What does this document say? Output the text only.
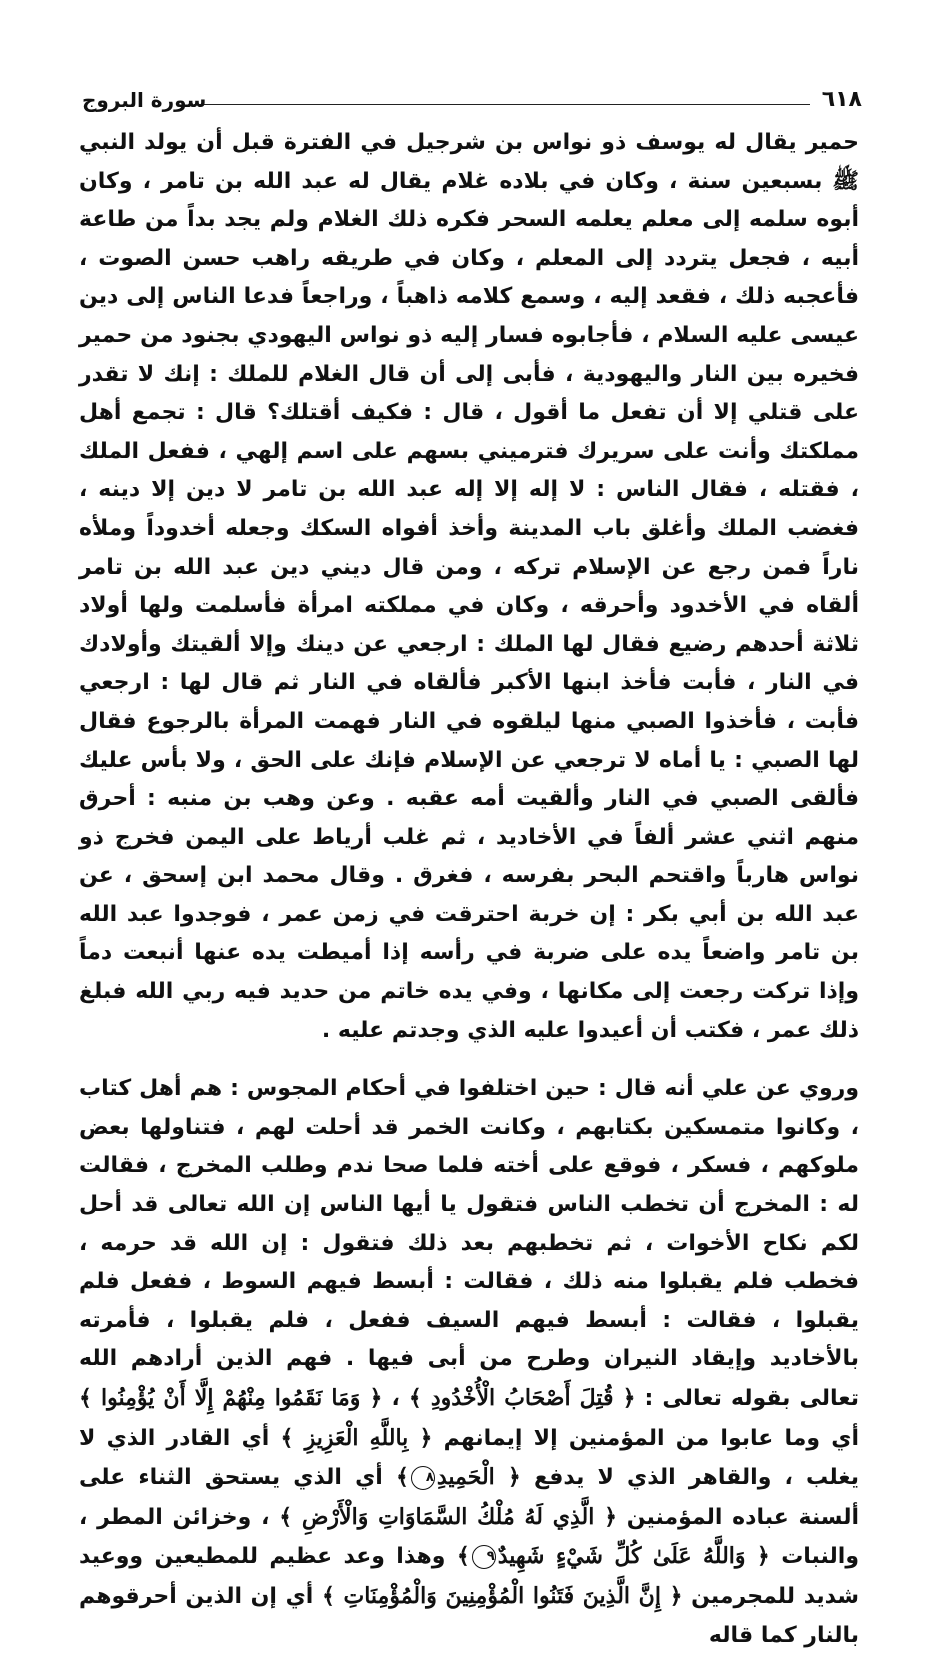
٦١٨
سورة البروج

حمير يقال له يوسف ذو نواس بن شرجيل في الفترة قبل أن يولد النبي ﷺ بسبعين سنة ، وكان في بلاده غلام يقال له عبد الله بن تامر ، وكان أبوه سلمه إلى معلم يعلمه السحر فكره ذلك الغلام ولم يجد بداً من طاعة أبيه ، فجعل يتردد إلى المعلم ، وكان في طريقه راهب حسن الصوت ، فأعجبه ذلك ، فقعد إليه ، وسمع كلامه ذاهباً ، وراجعاً فدعا الناس إلى دين عيسى عليه السلام ، فأجابوه فسار إليه ذو نواس اليهودي بجنود من حمير فخيره بين النار واليهودية ، فأبى إلى أن قال الغلام للملك : إنك لا تقدر على قتلي إلا أن تفعل ما أقول ، قال : فكيف أقتلك؟ قال : تجمع أهل مملكتك وأنت على سريرك فترميني بسهم على اسم إلهي ، ففعل الملك ، فقتله ، فقال الناس : لا إله إلا إله عبد الله بن تامر لا دين إلا دينه ، فغضب الملك وأغلق باب المدينة وأخذ أفواه السكك وجعله أخدوداً وملأه ناراً فمن رجع عن الإسلام تركه ، ومن قال ديني دين عبد الله بن تامر ألقاه في الأخدود وأحرقه ، وكان في مملكته امرأة فأسلمت ولها أولاد ثلاثة أحدهم رضيع فقال لها الملك : ارجعي عن دينك وإلا ألقيتك وأولادك في النار ، فأبت فأخذ ابنها الأكبر فألقاه في النار ثم قال لها : ارجعي فأبت ، فأخذوا الصبي منها ليلقوه في النار فهمت المرأة بالرجوع فقال لها الصبي : يا أماه لا ترجعي عن الإسلام فإنك على الحق ، ولا بأس عليك فألقى الصبي في النار وألقيت أمه عقبه . وعن وهب بن منبه : أحرق منهم اثني عشر ألفاً في الأخاديد ، ثم غلب أرياط على اليمن فخرج ذو نواس هارباً واقتحم البحر بفرسه ، فغرق . وقال محمد ابن إسحق ، عن عبد الله بن أبي بكر : إن خربة احترقت في زمن عمر ، فوجدوا عبد الله بن تامر واضعاً يده على ضربة في رأسه إذا أميطت يده عنها أنبعت دماً وإذا تركت رجعت إلى مكانها ، وفي يده خاتم من حديد فيه ربي الله فبلغ ذلك عمر ، فكتب أن أعيدوا عليه الذي وجدتم عليه .

وروي عن علي أنه قال : حين اختلفوا في أحكام المجوس : هم أهل كتاب ، وكانوا متمسكين بكتابهم ، وكانت الخمر قد أحلت لهم ، فتناولها بعض ملوكهم ، فسكر ، فوقع على أخته فلما صحا ندم وطلب المخرج ، فقالت له : المخرج أن تخطب الناس فتقول يا أيها الناس إن الله تعالى قد أحل لكم نكاح الأخوات ، ثم تخطبهم بعد ذلك فتقول : إن الله قد حرمه ، فخطب فلم يقبلوا منه ذلك ، فقالت : أبسط فيهم السوط ، ففعل فلم يقبلوا ، فقالت : أبسط فيهم السيف ففعل ، فلم يقبلوا ، فأمرته بالأخاديد وإيقاد النيران وطرح من أبى فيها . فهم الذين أرادهم الله تعالى بقوله تعالى : ﴿ قُتِلَ أَصْحَابُ الْأُخْدُودِ ﴾ ، ﴿ وَمَا نَقَمُوا مِنْهُمْ إِلَّا أَنْ يُؤْمِنُوا ﴾ أي وما عابوا من المؤمنين إلا إيمانهم ﴿ بِاللَّهِ الْعَزِيزِ ﴾ أي القادر الذي لا يغلب ، والقاهر الذي لا يدفع ﴿ الْحَمِيدِ٨﴾ أي الذي يستحق الثناء على ألسنة عباده المؤمنين ﴿ الَّذِي لَهُ مُلْكُ السَّمَاوَاتِ وَالْأَرْضِ ﴾ ، وخزائن المطر ، والنبات ﴿ وَاللَّهُ عَلَىٰ كُلِّ شَيْءٍ شَهِيدٌ٩﴾ وهذا وعد عظيم للمطيعين ووعيد شديد للمجرمين ﴿ إِنَّ الَّذِينَ فَتَنُوا الْمُؤْمِنِينَ وَالْمُؤْمِنَاتِ ﴾ أي إن الذين أحرقوهم بالنار كما قاله
